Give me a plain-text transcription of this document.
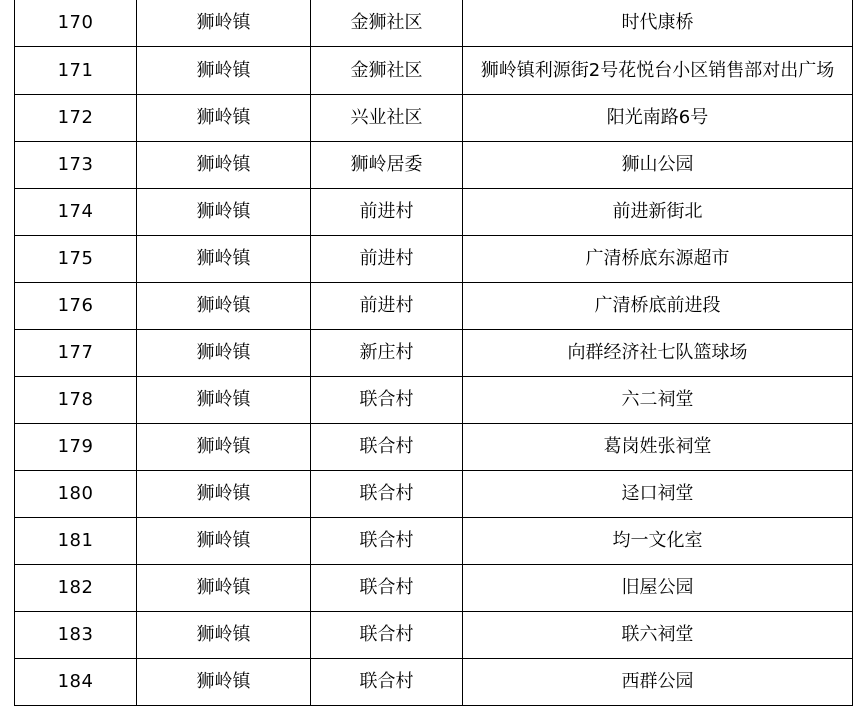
170	狮岭镇	金狮社区	时代康桥
171	狮岭镇	金狮社区	狮岭镇利源街2号花悦台小区销售部对出广场
172	狮岭镇	兴业社区	阳光南路6号
173	狮岭镇	狮岭居委	狮山公园
174	狮岭镇	前进村	前进新街北
175	狮岭镇	前进村	广清桥底东源超市
176	狮岭镇	前进村	广清桥底前进段
177	狮岭镇	新庄村	向群经济社七队篮球场
178	狮岭镇	联合村	六二祠堂
179	狮岭镇	联合村	葛岗姓张祠堂
180	狮岭镇	联合村	迳口祠堂
181	狮岭镇	联合村	均一文化室
182	狮岭镇	联合村	旧屋公园
183	狮岭镇	联合村	联六祠堂
184	狮岭镇	联合村	西群公园
